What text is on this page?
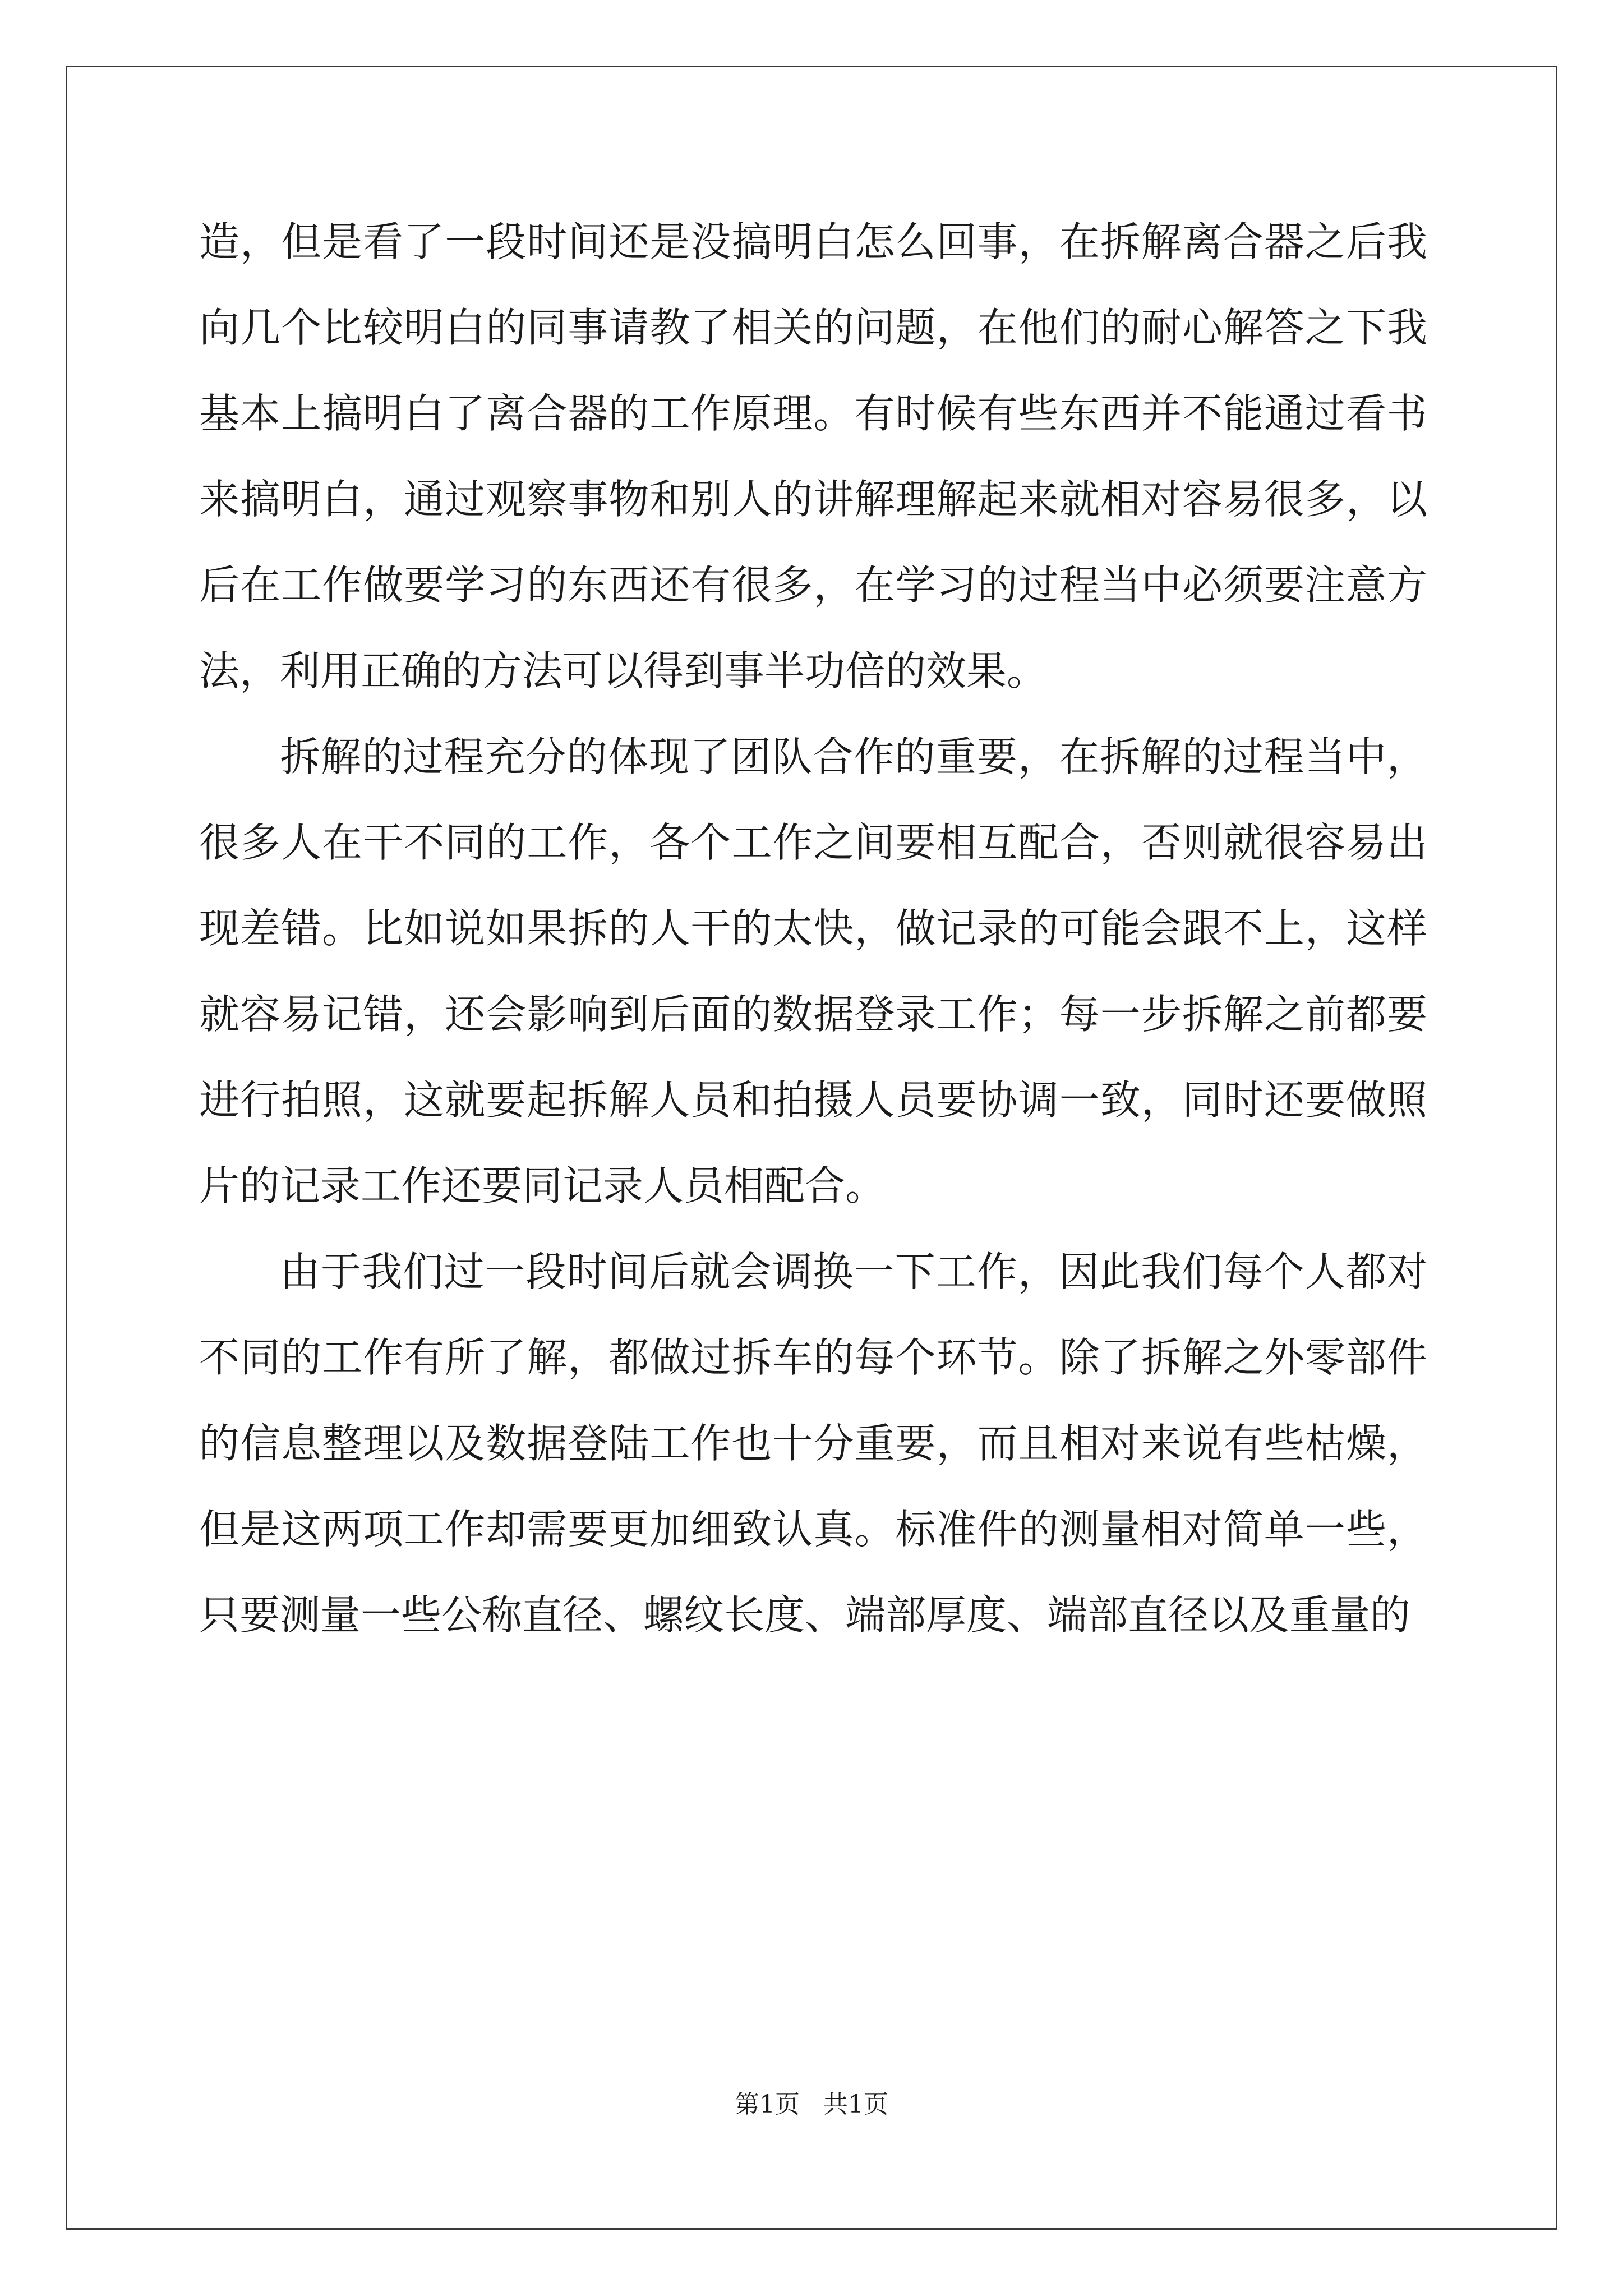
造，但是看了一段时间还是没搞明白怎么回事，在拆解离合器之后我向几个比较明白的同事请教了相关的问题，在他们的耐心解答之下我基本上搞明白了离合器的工作原理。有时候有些东西并不能通过看书来搞明白，通过观察事物和别人的讲解理解起来就相对容易很多，以后在工作做要学习的东西还有很多，在学习的过程当中必须要注意方法，利用正确的方法可以得到事半功倍的效果。

拆解的过程充分的体现了团队合作的重要，在拆解的过程当中，很多人在干不同的工作，各个工作之间要相互配合，否则就很容易出现差错。比如说如果拆的人干的太快，做记录的可能会跟不上，这样就容易记错，还会影响到后面的数据登录工作；每一步拆解之前都要进行拍照，这就要起拆解人员和拍摄人员要协调一致，同时还要做照片的记录工作还要同记录人员相配合。

由于我们过一段时间后就会调换一下工作，因此我们每个人都对不同的工作有所了解，都做过拆车的每个环节。除了拆解之外零部件的信息整理以及数据登陆工作也十分重要，而且相对来说有些枯燥，但是这两项工作却需要更加细致认真。标准件的测量相对简单一些，只要测量一些公称直径、螺纹长度、端部厚度、端部直径以及重量的

第1页   共1页
